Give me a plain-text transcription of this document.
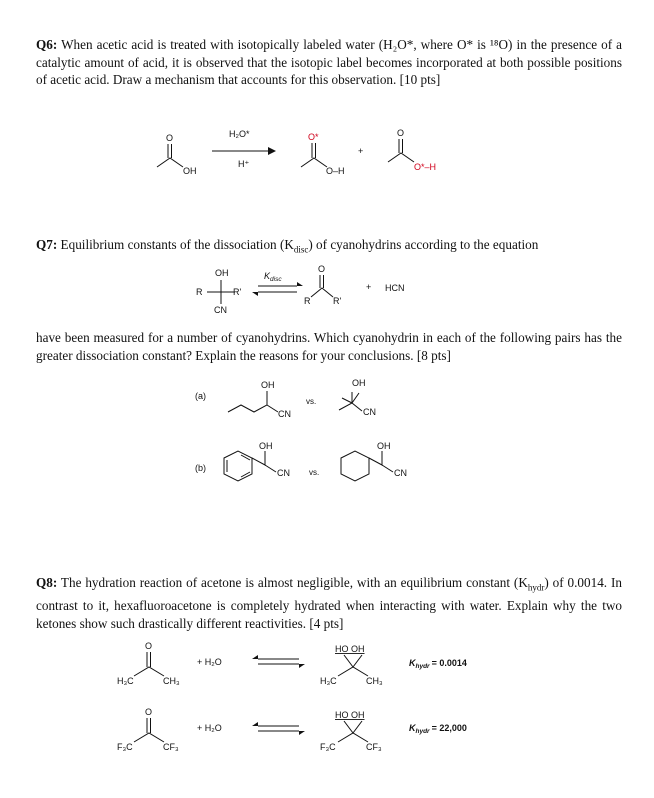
Q6: When acetic acid is treated with isotopically labeled water (H₂O*, where O* is ¹⁸O) in the presence of a catalytic amount of acid, it is observed that the isotopic label becomes incorporated at both possible positions of acetic acid. Draw a mechanism that accounts for this observation. [10 pts]
O
OH
H₂O*
H⁺
O*
O–H
+
O
O*–H
OH
R	R'
CN
$K_{disc}$
O
R	R'
+ HCN
(a)
OH
CN
vs.
OH
CN
(b)
OH
CN vs.
OH
CN
O
H₃C	CH₃
+ H₂O
HO OH
H₃C	CH₃
$K_{hydr} = 0.0014$
O
F₃C	CF₃
+ H₂O
HO OH
F₃C	CF₃
$K_{hydr} = 22,000$
Q7: Equilibrium constants of the dissociation $(K_{disc})$ of cyanohydrins according to the equation
have been measured for a number of cyanohydrins. Which cyanohydrin in each of the following pairs has the greater dissociation constant? Explain the reasons for your conclusions. [8 pts]
Q8: The hydration reaction of acetone is almost negligible, with an equilibrium constant $(K_{hydr})$ of 0.0014. In contrast to it, hexafluoroacetone is completely hydrated when interacting with water. Explain why the two ketones show such drastically different reactivities. [4 pts]
